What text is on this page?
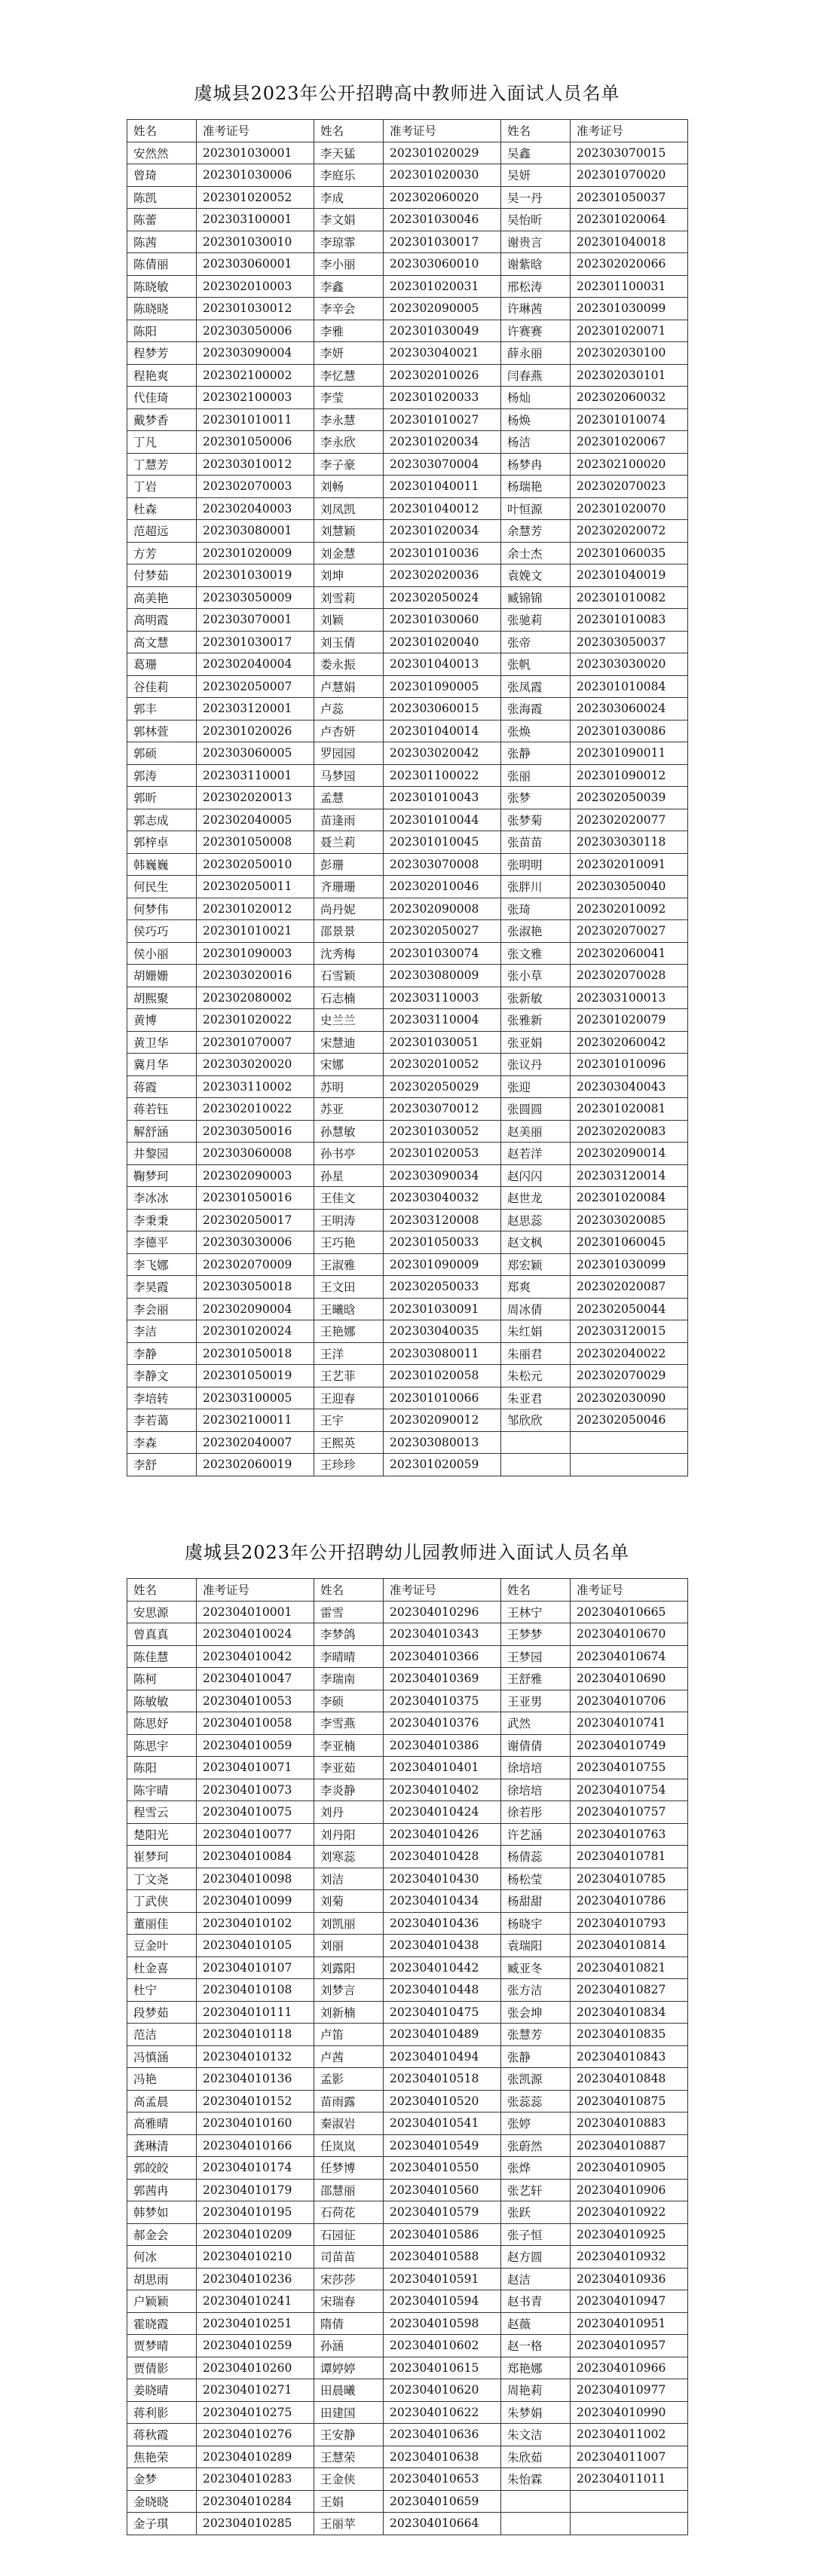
虞城县2023年公开招聘高中教师进入面试人员名单
姓名	准考证号	姓名	准考证号	姓名	准考证号
安然然	202301030001	李天猛	202301020029	吴鑫	202303070015
曾琦	202301030006	李庭乐	202301020030	吴妍	202301070020
陈凯	202301020052	李成	202302060020	吴一丹	202301050037
陈蕾	202303100001	李文娟	202301030046	吴怡昕	202301020064
陈茜	202301030010	李琼霏	202301030017	谢贵言	202301040018
陈倩丽	202303060001	李小丽	202303060010	谢紫晗	202302020066
陈晓敏	202302010003	李鑫	202301020031	邢松涛	202301100031
陈晓晓	202301030012	李辛会	202302090005	许琳茜	202301030099
陈阳	202303050006	李雅	202301030049	许赛赛	202301020071
程梦芳	202303090004	李妍	202303040021	薛永丽	202302030100
程艳爽	202302100002	李忆慧	202302010026	闫春燕	202302030101
代佳琦	202302100003	李莹	202301020033	杨灿	202302060032
戴梦香	202301010011	李永慧	202301010027	杨焕	202301010074
丁凡	202301050006	李永欣	202301020034	杨洁	202301020067
丁慧芳	202303010012	李子豪	202303070004	杨梦冉	202302100020
丁岩	202302070003	刘畅	202301040011	杨瑞艳	202302070023
杜森	202302040003	刘凤凯	202301040012	叶恒源	202301020070
范超远	202303080001	刘慧颖	202301020034	余慧芳	202302020072
方芳	202301020009	刘金慧	202301010036	余士杰	202301060035
付梦茹	202301030019	刘坤	202302020036	袁娩文	202301040019
高美艳	202303050009	刘雪莉	202302050024	臧锦锦	202301010082
高明霞	202303070001	刘颖	202301030060	张驰莉	202301010083
高文慧	202301030017	刘玉倩	202301020040	张帝	202303050037
葛珊	202302040004	娄永振	202301040013	张帆	202303030020
谷佳莉	202302050007	卢慧娟	202301090005	张凤霞	202301010084
郭丰	202303120001	卢蕊	202303060015	张海霞	202303060024
郭林萱	202301020026	卢杏妍	202301040014	张焕	202301030086
郭硕	202303060005	罗园园	202303020042	张静	202301090011
郭涛	202303110001	马梦园	202301100022	张丽	202301090012
郭昕	202302020013	孟慧	202301010043	张梦	202302050039
郭志成	202302040005	苗逢雨	202301010044	张梦菊	202302020077
郭梓卓	202301050008	聂兰莉	202301010045	张苗苗	202303030118
韩巍巍	202302050010	彭珊	202303070008	张明明	202302010091
何民生	202302050011	齐珊珊	202302010046	张胖川	202303050040
何梦伟	202301020012	尚丹妮	202302090008	张琦	202302010092
侯巧巧	202301010021	邵景景	202302050027	张淑艳	202302070027
侯小丽	202301090003	沈秀梅	202301030074	张文雅	202302060041
胡姗姗	202303020016	石雪颖	202303080009	张小草	202302070028
胡熙聚	202302080002	石志楠	202303110003	张新敏	202303100013
黄博	202301020022	史兰兰	202303110004	张雅新	202301020079
黄卫华	202301070007	宋慧迪	202301030051	张亚娟	202302060042
冀月华	202303020020	宋娜	202302010052	张议丹	202301010096
蒋霞	202303110002	苏明	202302050029	张迎	202303040043
蒋若钰	202302010022	苏亚	202303070012	张圆圆	202301020081
解舒涵	202303050016	孙慧敏	202301030052	赵美丽	202302020083
井黎园	202303060008	孙书亭	202301020053	赵若洋	202302090014
鞠梦珂	202302090003	孙星	202303090034	赵闪闪	202303120014
李冰冰	202301050016	王佳文	202303040032	赵世龙	202301020084
李秉秉	202302050017	王明涛	202303120008	赵思蕊	202303020085
李德平	202303030006	王巧艳	202301050033	赵文枫	202301060045
李飞娜	202302070009	王淑雅	202301090009	郑宏颖	202301030099
李昊霞	202303050018	王文田	202302050033	郑爽	202302020087
李会丽	202302090004	王曦晗	202301030091	周冰倩	202302050044
李洁	202301020024	王艳娜	202303040035	朱红娟	202303120015
李静	202301050018	王洋	202303080011	朱丽君	202302040022
李静文	202301050019	王艺菲	202301020058	朱松元	202302070029
李培转	202303100005	王迎春	202301010066	朱亚君	202302030090
李若蔼	202302100011	王宇	202302090012	邹欣欣	202302050046
李森	202302040007	王熙英	202303080013		
李舒	202302060019	王珍珍	202301020059		
虞城县2023年公开招聘幼儿园教师进入面试人员名单
姓名	准考证号	姓名	准考证号	姓名	准考证号
安思源	202304010001	雷雪	202304010296	王林宁	202304010665
曾真真	202304010024	李梦鸽	202304010343	王梦梦	202304010670
陈佳慧	202304010042	李晴晴	202304010366	王梦园	202304010674
陈柯	202304010047	李瑞南	202304010369	王舒雅	202304010690
陈敏敏	202304010053	李硕	202304010375	王亚男	202304010706
陈思妤	202304010058	李雪燕	202304010376	武然	202304010741
陈思宇	202304010059	李亚楠	202304010386	谢倩倩	202304010749
陈阳	202304010071	李亚茹	202304010401	徐培培	202304010755
陈宇晴	202304010073	李炎静	202304010402	徐培培	202304010754
程雪云	202304010075	刘丹	202304010424	徐若彤	202304010757
楚阳光	202304010077	刘丹阳	202304010426	许艺涵	202304010763
崔梦珂	202304010084	刘寒蕊	202304010428	杨倩蕊	202304010781
丁文尧	202304010098	刘洁	202304010430	杨松莹	202304010785
丁武侠	202304010099	刘菊	202304010434	杨甜甜	202304010786
董丽佳	202304010102	刘凯丽	202304010436	杨晓宇	202304010793
豆金叶	202304010105	刘丽	202304010438	袁瑞阳	202304010814
杜金喜	202304010107	刘露阳	202304010442	臧亚冬	202304010821
杜宁	202304010108	刘梦言	202304010448	张方洁	202304010827
段梦茹	202304010111	刘新楠	202304010475	张会坤	202304010834
范洁	202304010118	卢笛	202304010489	张慧芳	202304010835
冯慎涵	202304010132	卢茜	202304010494	张静	202304010843
冯艳	202304010136	孟影	202304010518	张凯源	202304010848
高孟晨	202304010152	苗雨露	202304010520	张蕊蕊	202304010875
高雅晴	202304010160	秦淑岩	202304010541	张婷	202304010883
龚琳清	202304010166	任岚岚	202304010549	张蔚然	202304010887
郭皎皎	202304010174	任梦博	202304010550	张烨	202304010905
郭茜冉	202304010179	邵慧丽	202304010560	张艺轩	202304010906
韩梦如	202304010195	石荷花	202304010579	张跃	202304010922
郝金会	202304010209	石园征	202304010586	张子恒	202304010925
何冰	202304010210	司苗苗	202304010588	赵方圆	202304010932
胡思雨	202304010236	宋莎莎	202304010591	赵洁	202304010936
户颖颖	202304010241	宋瑞春	202304010594	赵书青	202304010947
霍晓霞	202304010251	隋倩	202304010598	赵薇	202304010951
贾梦晴	202304010259	孙涵	202304010602	赵一格	202304010957
贾倩影	202304010260	谭婷婷	202304010615	郑艳娜	202304010966
姜晓晴	202304010271	田晨曦	202304010620	周艳莉	202304010977
蒋利影	202304010275	田建国	202304010622	朱梦娟	202304010990
蒋秋霞	202304010276	王安静	202304010636	朱文洁	202304011002
焦艳荣	202304010289	王慧荣	202304010638	朱欣茹	202304011007
金梦	202304010283	王金侠	202304010653	朱怡霖	202304011011
金晓晓	202304010284	王娟	202304010659		
金子琪	202304010285	王丽苹	202304010664		
